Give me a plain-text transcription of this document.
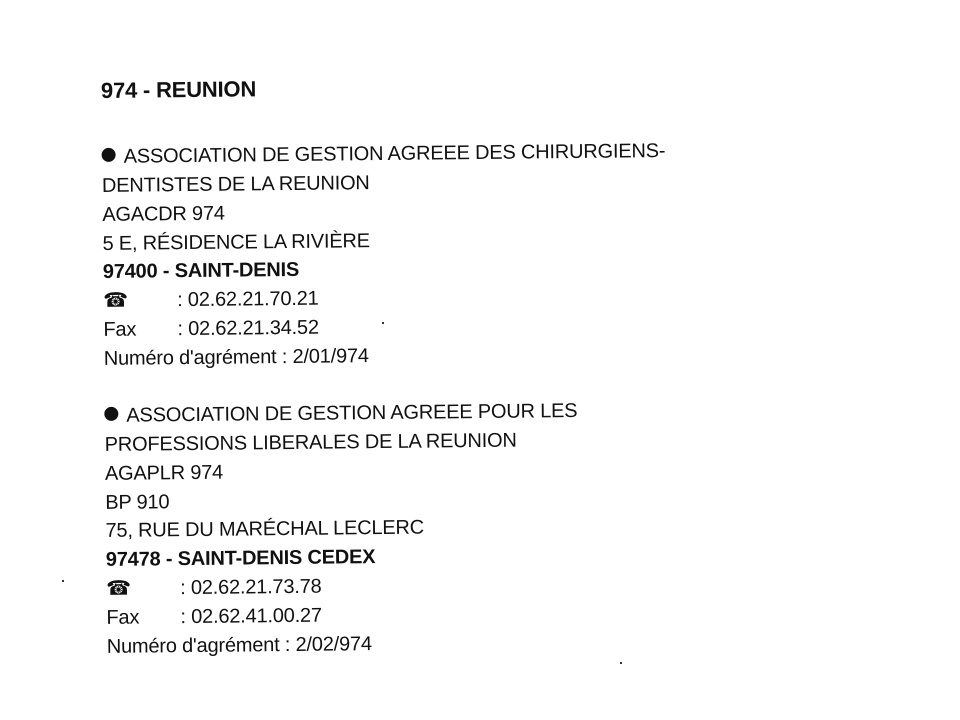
974 - REUNION
ASSOCIATION DE GESTION AGREEE DES CHIRURGIENS-
DENTISTES DE LA REUNION
AGACDR 974
5 E, RÉSIDENCE LA RIVIÈRE
97400 - SAINT-DENIS
☎ : 02.62.21.70.21
Fax : 02.62.21.34.52
Numéro d'agrément : 2/01/974
ASSOCIATION DE GESTION AGREEE POUR LES
PROFESSIONS LIBERALES DE LA REUNION
AGAPLR 974
BP 910
75, RUE DU MARÉCHAL LECLERC
97478 - SAINT-DENIS CEDEX
☎ : 02.62.21.73.78
Fax : 02.62.41.00.27
Numéro d'agrément : 2/02/974
